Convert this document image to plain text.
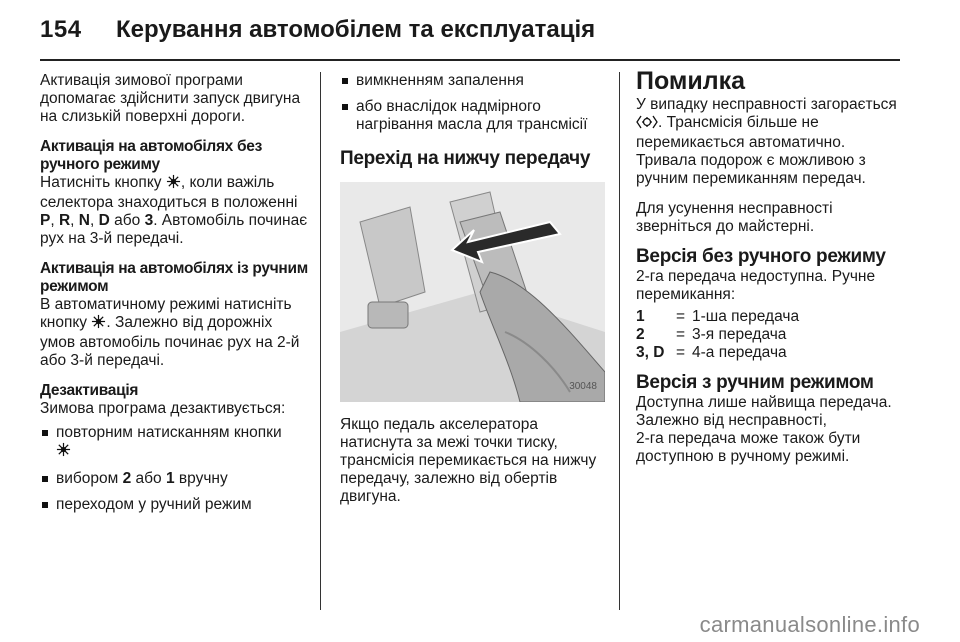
154 Керування автомобілем та експлуатація

Активація зимової програми допомагає здійснити запуск двигуна на слизькій поверхні дороги.

Активація на автомобілях без ручного режиму

Натисніть кнопку , коли важіль селектора знаходиться в положенні P, R, N, D або 3. Автомобіль починає рух на 3-й передачі.

Активація на автомобілях із ручним режимом

В автоматичному режимі натисніть кнопку . Залежно від дорожніх умов автомобіль починає рух на 2-й або 3-й передачі.

Дезактивація

Зимова програма дезактивується:

повторним натисканням кнопки

вибором 2 або 1 вручну
переходом у ручний режим
вимкненням запалення
або внаслідок надмірного нагрівання масла для трансмісії
Перехід на нижчу передачу
30048

Якщо педаль акселератора натиснута за межі точки тиску, трансмісія перемикається на нижчу передачу, залежно від обертів двигуна.

Помилка

У випадку несправності загорається . Трансмісія більше не перемикається автоматично. Тривала подорож є можливою з ручним перемиканням передач.

Для усунення несправності зверніться до майстерні.

Версія без ручного режиму

2-га передача недоступна. Ручне перемикання:

1	= 1-ша передача
2	= 3-я передача
3, D = 4-а передача
Версія з ручним режимом

Доступна лише найвища передача. Залежно від несправності,

2-га передача може також бути доступною в ручному режимі.

carmanualsonline.info
